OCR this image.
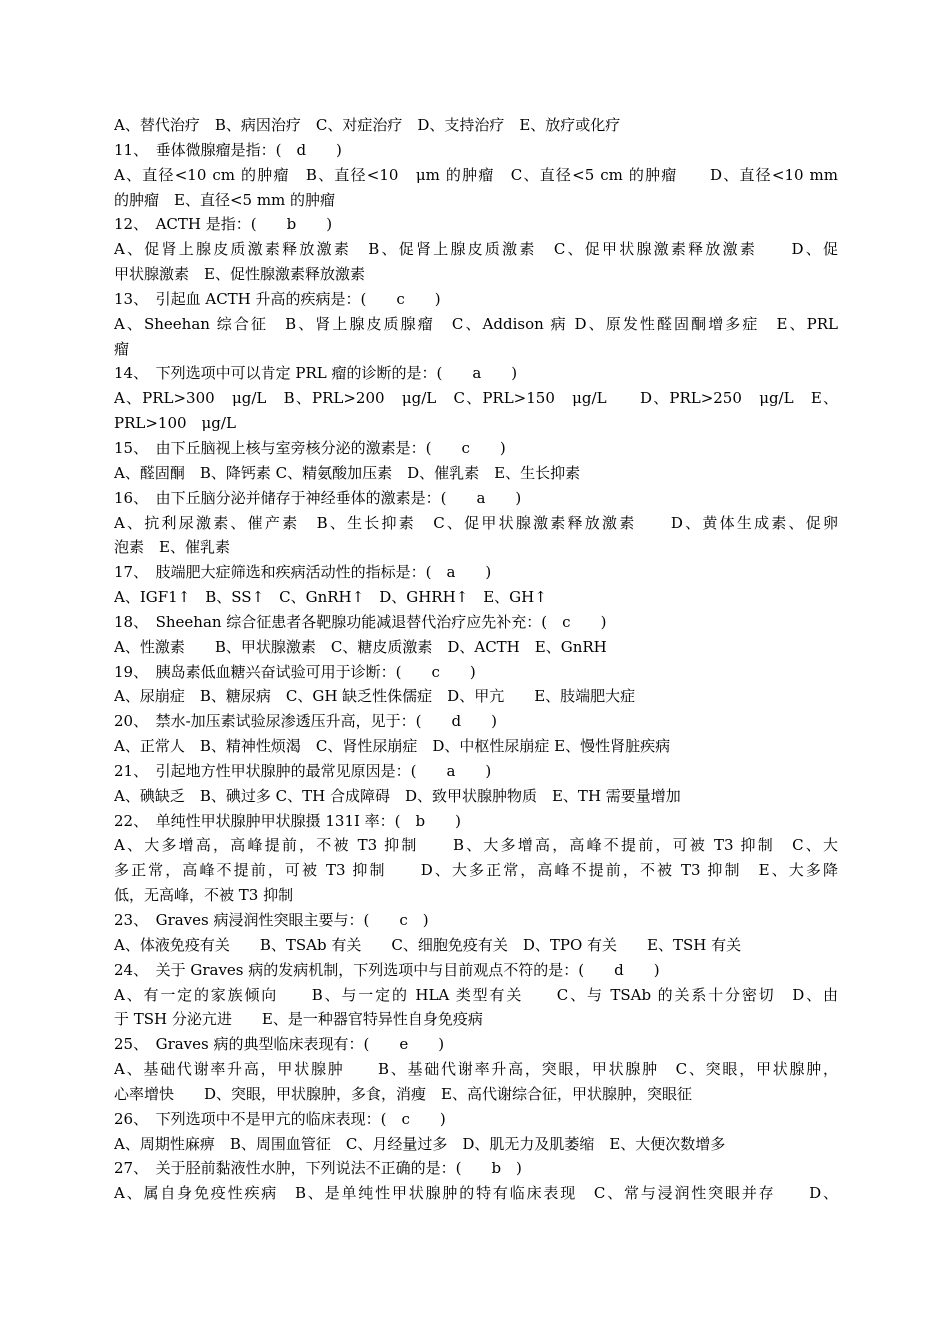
A、替代治疗　B、病因治疗　C、对症治疗　D、支持治疗　E、放疗或化疗
11、　垂体微腺瘤是指：(　d　　)
A、直径<10 cm 的肿瘤　B、直径<10　μm 的肿瘤　C、直径<5 cm 的肿瘤　　D、直径<10 mm
的肿瘤　E、直径<5 mm 的肿瘤
12、　ACTH 是指：(　　b　　)
A、促肾上腺皮质激素释放激素　B、促肾上腺皮质激素　C、促甲状腺激素释放激素　　D、促
甲状腺激素　E、促性腺激素释放激素
13、　引起血 ACTH 升高的疾病是：(　　c　　)
A、Sheehan 综合征　B、肾上腺皮质腺瘤　C、Addison 病 D、原发性醛固酮增多症　E、PRL
瘤
14、　下列选项中可以肯定 PRL 瘤的诊断的是：(　　a　　)
A、PRL>300　μg/L　B、PRL>200　μg/L　C、PRL>150　μg/L　　D、PRL>250　μg/L　E、
PRL>100　μg/L
15、　由下丘脑视上核与室旁核分泌的激素是：(　　c　　)
A、醛固酮　B、降钙素 C、精氨酸加压素　D、催乳素　E、生长抑素
16、　由下丘脑分泌并储存于神经垂体的激素是：(　　a　　)
A、抗利尿激素、催产素　B、生长抑素　C、促甲状腺激素释放激素　　D、黄体生成素、促卵
泡素　E、催乳素
17、　肢端肥大症筛选和疾病活动性的指标是：(　a　　)
A、IGF1↑　B、SS↑　C、GnRH↑　D、GHRH↑　E、GH↑
18、　Sheehan 综合征患者各靶腺功能减退替代治疗应先补充：(　c　　)
A、性激素　　B、甲状腺激素　C、糖皮质激素　D、ACTH　E、GnRH
19、　胰岛素低血糖兴奋试验可用于诊断：(　　c　　)
A、尿崩症　B、糖尿病　C、GH 缺乏性侏儒症　D、甲亢　　E、肢端肥大症
20、　禁水-加压素试验尿渗透压升高，见于：(　　d　　)
A、正常人　B、精神性烦渴　C、肾性尿崩症　D、中枢性尿崩症 E、慢性肾脏疾病
21、　引起地方性甲状腺肿的最常见原因是：(　　a　　)
A、碘缺乏　B、碘过多 C、TH 合成障碍　D、致甲状腺肿物质　E、TH 需要量增加
22、　单纯性甲状腺肿甲状腺摄 131I 率：(　b　　)
A、大多增高，高峰提前，不被 T3 抑制　　B、大多增高，高峰不提前，可被 T3 抑制　C、大
多正常，高峰不提前，可被 T3 抑制　　D、大多正常，高峰不提前，不被 T3 抑制　E、大多降
低，无高峰，不被 T3 抑制
23、　Graves 病浸润性突眼主要与：(　　c　)
A、体液免疫有关　　B、TSAb 有关　　C、细胞免疫有关　D、TPO 有关　　E、TSH 有关
24、　关于 Graves 病的发病机制，下列选项中与目前观点不符的是：(　　d　　)
A、有一定的家族倾向　　B、与一定的 HLA 类型有关　　C、与 TSAb 的关系十分密切　D、由
于 TSH 分泌亢进　　E、是一种器官特异性自身免疫病
25、　Graves 病的典型临床表现有：(　　e　　)
A、基础代谢率升高，甲状腺肿　　B、基础代谢率升高，突眼，甲状腺肿　C、突眼，甲状腺肿，
心率增快　　D、突眼，甲状腺肿，多食，消瘦　E、高代谢综合征，甲状腺肿，突眼征
26、　下列选项中不是甲亢的临床表现：(　c　　)
A、周期性麻痹　B、周围血管征　C、月经量过多　D、肌无力及肌萎缩　E、大便次数增多
27、　关于胫前黏液性水肿，下列说法不正确的是：(　　b　)
A、属自身免疫性疾病　B、是单纯性甲状腺肿的特有临床表现　C、常与浸润性突眼并存　　D、
